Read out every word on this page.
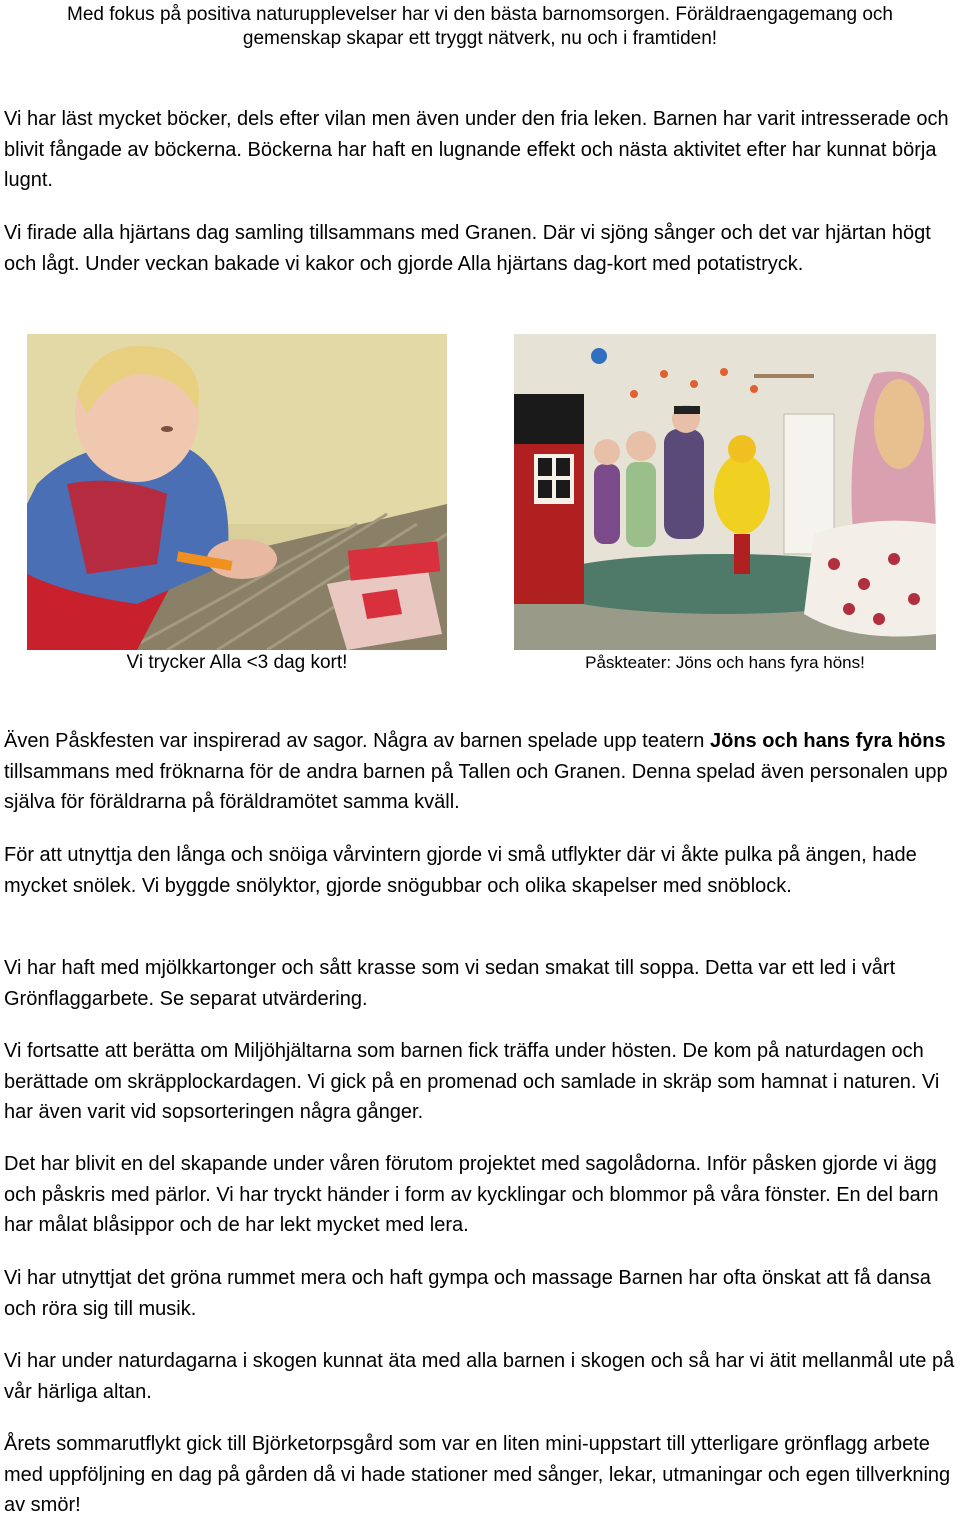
Med fokus på positiva naturupplevelser har vi den bästa barnomsorgen. Föräldraengagemang och
gemenskap skapar ett tryggt nätverk, nu och i framtiden!

Vi har läst mycket böcker, dels efter vilan men även under den fria leken. Barnen har varit intresserade och blivit fångade av böckerna. Böckerna har haft en lugnande effekt och nästa aktivitet efter har kunnat börja lugnt.

Vi firade alla hjärtans dag samling tillsammans med Granen. Där vi sjöng sånger och det var hjärtan högt och lågt. Under veckan bakade vi kakor och gjorde Alla hjärtans dag-kort med potatistryck.

Vi trycker Alla <3 dag kort!	Påskteater: Jöns och hans fyra höns!

Även Påskfesten var inspirerad av sagor. Några av barnen spelade upp teatern Jöns och hans fyra höns tillsammans med fröknarna för de andra barnen på Tallen och Granen. Denna spelad även personalen upp själva för föräldrarna på föräldramötet samma kväll.

För att utnyttja den långa och snöiga vårvintern gjorde vi små utflykter där vi åkte pulka på ängen, hade mycket snölek. Vi byggde snölyktor, gjorde snögubbar och olika skapelser med snöblock.

Vi har haft med mjölkkartonger och sått krasse som vi sedan smakat till soppa. Detta var ett led i vårt Grönflaggarbete. Se separat utvärdering.

Vi fortsatte att berätta om Miljöhjältarna som barnen fick träffa under hösten. De kom på naturdagen och berättade om skräpplockardagen. Vi gick på en promenad och samlade in skräp som hamnat i naturen. Vi har även varit vid sopsorteringen några gånger.

Det har blivit en del skapande under våren förutom projektet med sagolådorna. Inför påsken gjorde vi ägg och påskris med pärlor. Vi har tryckt händer i form av kycklingar och blommor på våra fönster. En del barn har målat blåsippor och de har lekt mycket med lera.

Vi har utnyttjat det gröna rummet mera och haft gympa och massage Barnen har ofta önskat att få dansa och röra sig till musik.

Vi har under naturdagarna i skogen kunnat äta med alla barnen i skogen och så har vi ätit mellanmål ute på vår härliga altan.

Årets sommarutflykt gick till Björketorpsgård som var en liten mini-uppstart till ytterligare grönflagg arbete med uppföljning en dag på gården då vi hade stationer med sånger, lekar, utmaningar och egen tillverkning av smör!
